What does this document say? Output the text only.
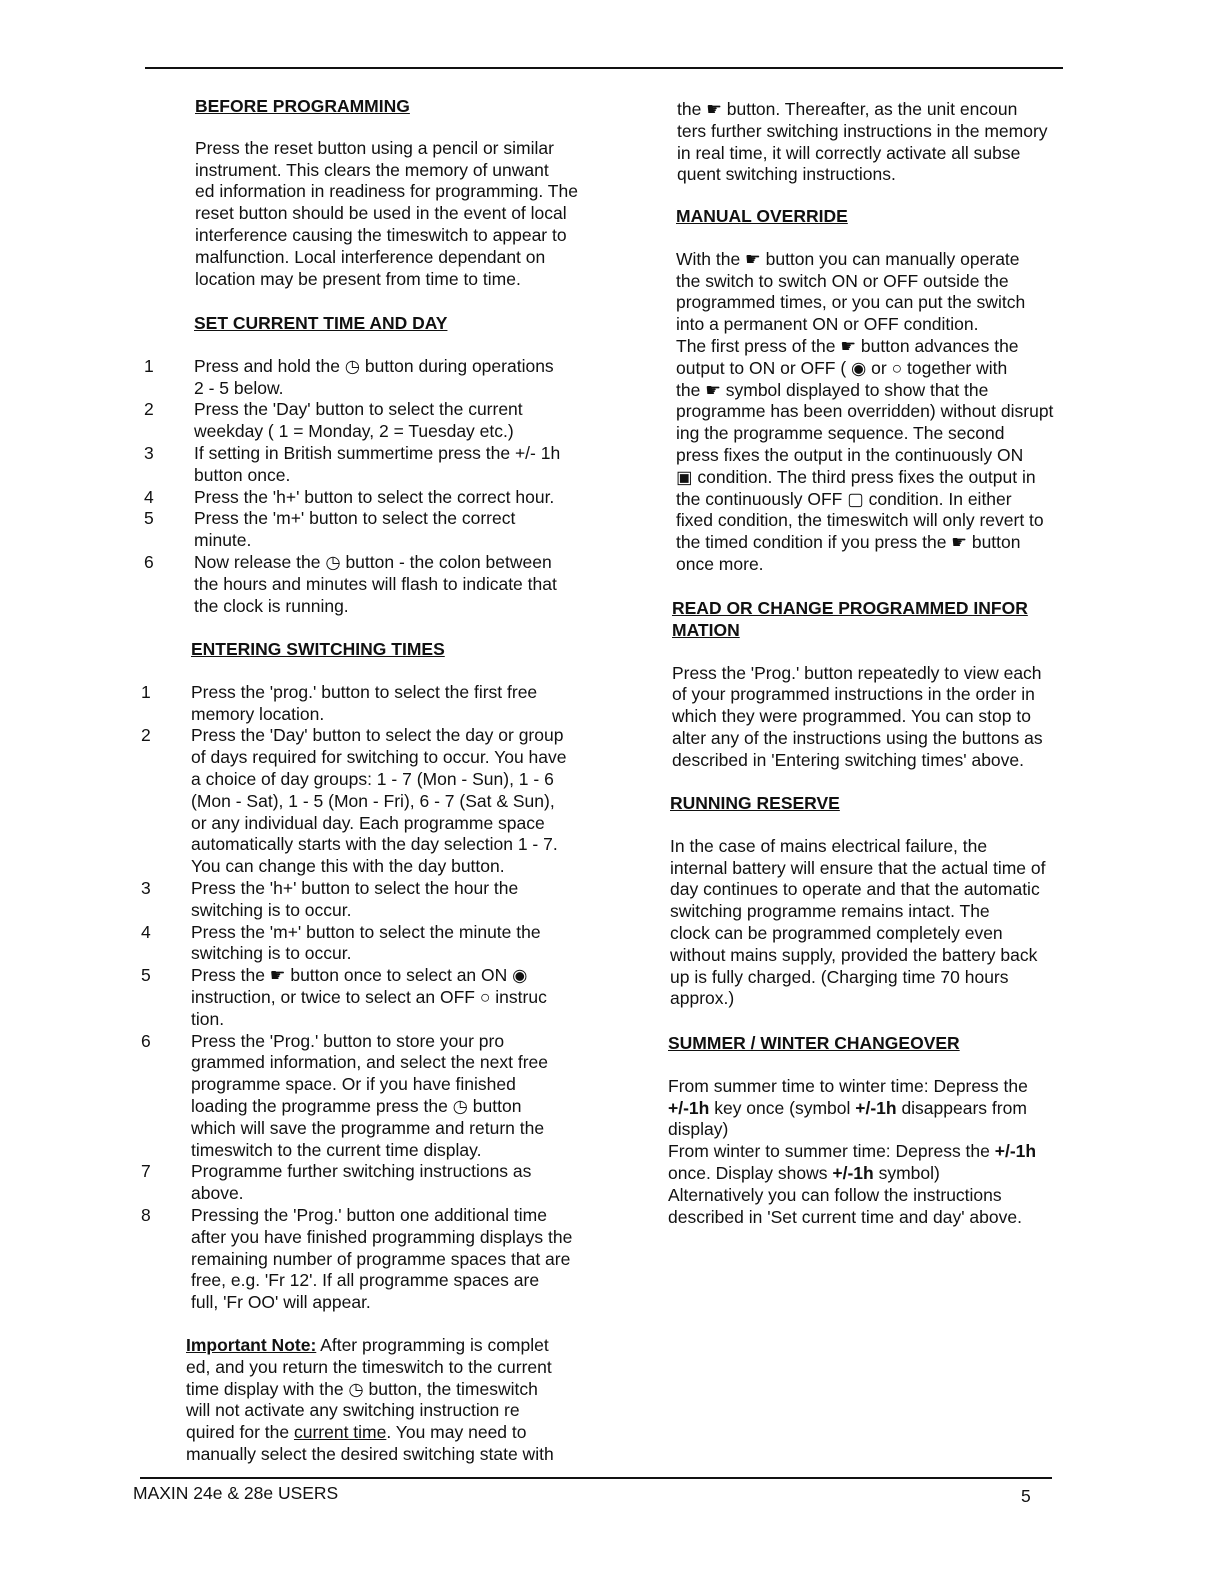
BEFORE PROGRAMMING

Press the reset button using a pencil or similar
instrument. This clears the memory of unwant
ed information in readiness for programming. The
reset button should be used in the event of local
interference causing the timeswitch to appear to
malfunction. Local interference dependant on
location may be present from time to time.

SET CURRENT TIME AND DAY
1 Press and hold the ◷ button during operations
2 - 5 below.
2 Press the 'Day' button to select the current
weekday ( 1 = Monday, 2 = Tuesday etc.)
3 If setting in British summertime press the +/- 1h
button once.
4 Press the 'h+' button to select the correct hour.
5 Press the 'm+' button to select the correct
minute.
6 Now release the ◷ button - the colon between
the hours and minutes will flash to indicate that
the clock is running.
ENTERING SWITCHING TIMES
1 Press the 'prog.' button to select the first free
memory location.
2 Press the 'Day' button to select the day or group
of days required for switching to occur. You have
a choice of day groups: 1 - 7 (Mon - Sun), 1 - 6
(Mon - Sat), 1 - 5 (Mon - Fri), 6 - 7 (Sat & Sun),
or any individual day. Each programme space
automatically starts with the day selection 1 - 7.
You can change this with the day button.
3 Press the 'h+' button to select the hour the
switching is to occur.
4 Press the 'm+' button to select the minute the
switching is to occur.
5 Press the ☛ button once to select an ON ◉
instruction, or twice to select an OFF ○ instruc
tion.
6 Press the 'Prog.' button to store your pro
grammed information, and select the next free
programme space. Or if you have finished
loading the programme press the ◷ button
which will save the programme and return the
timeswitch to the current time display.
7 Programme further switching instructions as
above.
8 Pressing the 'Prog.' button one additional time
after you have finished programming displays the
remaining number of programme spaces that are
free, e.g. 'Fr 12'. If all programme spaces are
full, 'Fr OO' will appear.

Important Note: After programming is complet
ed, and you return the timeswitch to the current
time display with the ◷ button, the timeswitch
will not activate any switching instruction re
quired for the current time. You may need to
manually select the desired switching state with

the ☛ button. Thereafter, as the unit encoun
ters further switching instructions in the memory
in real time, it will correctly activate all subse
quent switching instructions.

MANUAL OVERRIDE

With the ☛ button you can manually operate
the switch to switch ON or OFF outside the
programmed times, or you can put the switch
into a permanent ON or OFF condition.
The first press of the ☛ button advances the
output to ON or OFF ( ◉ or ○ together with
the ☛ symbol displayed to show that the
programme has been overridden) without disrupt
ing the programme sequence. The second
press fixes the output in the continuously ON
▣ condition. The third press fixes the output in
the continuously OFF ▢ condition. In either
fixed condition, the timeswitch will only revert to
the timed condition if you press the ☛ button
once more.

READ OR CHANGE PROGRAMMED INFOR
MATION

Press the 'Prog.' button repeatedly to view each
of your programmed instructions in the order in
which they were programmed. You can stop to
alter any of the instructions using the buttons as
described in 'Entering switching times' above.

RUNNING RESERVE

In the case of mains electrical failure, the
internal battery will ensure that the actual time of
day continues to operate and that the automatic
switching programme remains intact. The
clock can be programmed completely even
without mains supply, provided the battery back
up is fully charged. (Charging time 70 hours
approx.)

SUMMER / WINTER CHANGEOVER
From summer time to winter time: Depress the
+/-1h key once (symbol +/-1h disappears from
display)
From winter to summer time: Depress the +/-1h
once. Display shows +/-1h symbol)

Alternatively you can follow the instructions
described in 'Set current time and day' above.

MAXIN 24e & 28e USERS	5
